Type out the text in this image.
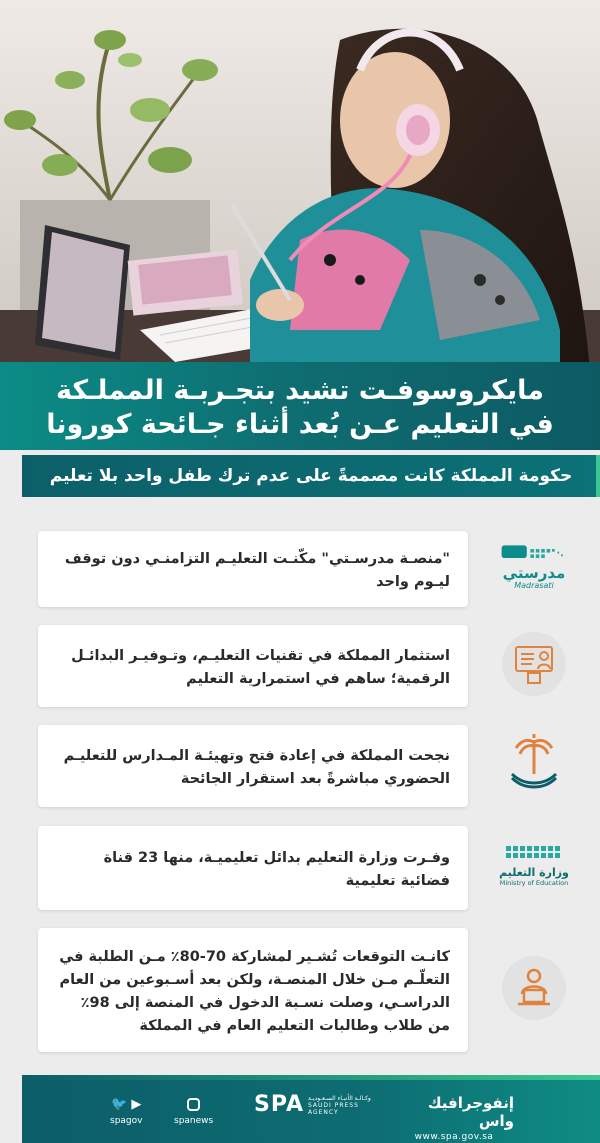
مايكروسوفـت تشيد بتجـربـة المملـكة
في التعليم عـن بُعد أثناء جـائحة كورونا
حكومة المملكة كانت مصممةً على عدم ترك طفل واحد بلا تعليم
مدرستي
Madrasati
"منصـة مدرسـتي" مكّنـت التعليـم التزامنـي دون توقف ليـوم واحد
استثمار المملكة في تقنيات التعليـم، وتـوفيـر البدائـل الرقمية؛ ساهم في استمرارية التعليم
نجحت المملكة في إعادة فتح وتهيئـة المـدارس للتعليـم الحضوري مباشرةً بعد استقرار الجائحة
وزارة التعليم
Ministry of Education
وفـرت وزارة التعليم بدائل تعليميـة، منها 23 قناة فضائية تعليمية
كانـت التوقعات تُشـير لمشاركة 70-80٪ مـن الطلبة في التعلّـم مـن خلال المنصـة، ولكن بعد أسـبوعين من العام الدراسـي، وصلت نسـبة الدخول في المنصة إلى 98٪ من طلاب وطالبات التعليم العام في المملكة
🐦 ▶
spagov	spanews
SPA وكـالـة الأنبـاء السـعـوديـة
SAUDI PRESS
AGENCY	إنفوجرافيك واس
www.spa.gov.sa
